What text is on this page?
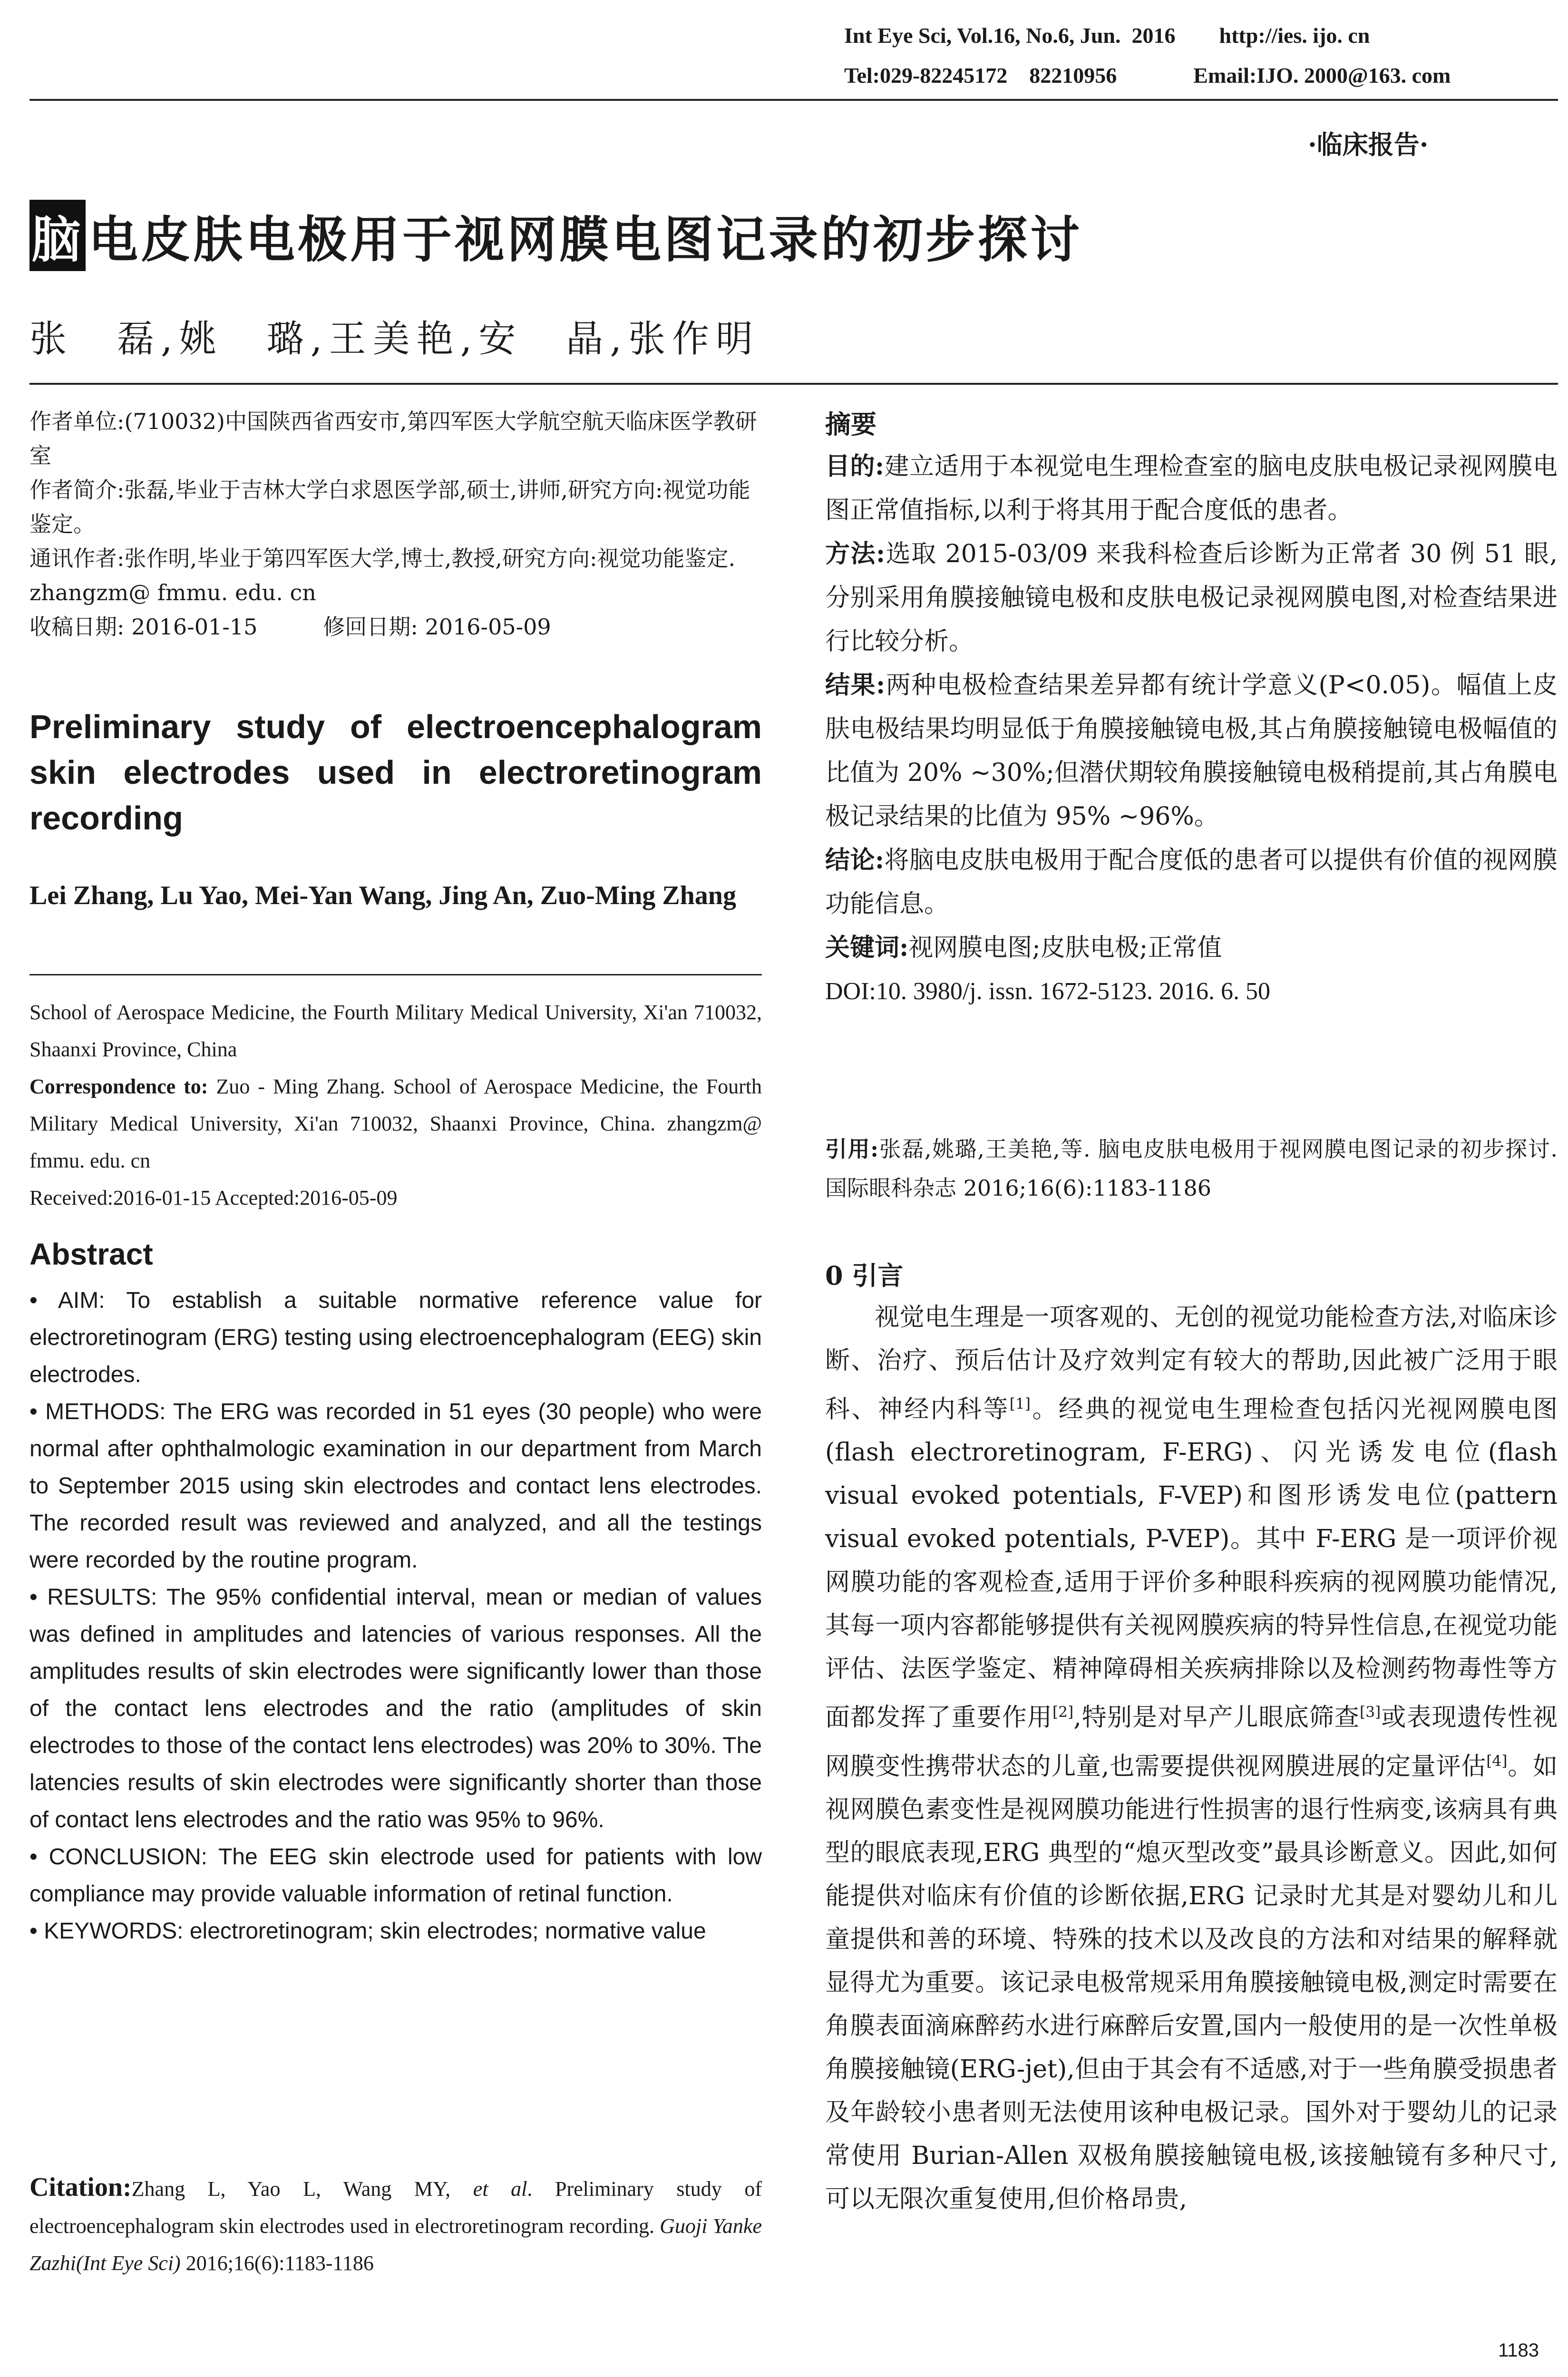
Int Eye Sci, Vol.16, No.6, Jun.  2016        http://ies. ijo. cn
Tel:029-82245172    82210956              Email:IJO. 2000@163. com
·临床报告·
脑 电皮肤电极用于视网膜电图记录的初步探讨
张　磊,姚　璐,王美艳,安　晶,张作明

作者单位:(710032)中国陕西省西安市,第四军医大学航空航天临床医学教研室

作者简介:张磊,毕业于吉林大学白求恩医学部,硕士,讲师,研究方向:视觉功能鉴定。

通讯作者:张作明,毕业于第四军医大学,博士,教授,研究方向:视觉功能鉴定. zhangzm@ fmmu. edu. cn

收稿日期: 2016-01-15　　　修回日期: 2016-05-09

Preliminary study of electroencephalogram skin electrodes used in electroretinogram recording
Lei Zhang, Lu Yao, Mei-Yan Wang, Jing An, Zuo-Ming Zhang

School of Aerospace Medicine, the Fourth Military Medical University, Xi'an 710032, Shaanxi Province, China

Correspondence to: Zuo - Ming Zhang. School of Aerospace Medicine, the Fourth Military Medical University, Xi'an 710032, Shaanxi Province, China. zhangzm@ fmmu. edu. cn

Received:2016-01-15 Accepted:2016-05-09

Abstract

• AIM: To establish a suitable normative reference value for electroretinogram (ERG) testing using electroencephalogram (EEG) skin electrodes.

• METHODS: The ERG was recorded in 51 eyes (30 people) who were normal after ophthalmologic examination in our department from March to September 2015 using skin electrodes and contact lens electrodes. The recorded result was reviewed and analyzed, and all the testings were recorded by the routine program.

• RESULTS: The 95% confidential interval, mean or median of values was defined in amplitudes and latencies of various responses. All the amplitudes results of skin electrodes were significantly lower than those of the contact lens electrodes and the ratio (amplitudes of skin electrodes to those of the contact lens electrodes) was 20% to 30%. The latencies results of skin electrodes were significantly shorter than those of contact lens electrodes and the ratio was 95% to 96%.

• CONCLUSION: The EEG skin electrode used for patients with low compliance may provide valuable information of retinal function.

• KEYWORDS: electroretinogram; skin electrodes; normative value

Citation:Zhang L, Yao L, Wang MY, et al. Preliminary study of electroencephalogram skin electrodes used in electroretinogram recording. Guoji Yanke Zazhi(Int Eye Sci) 2016;16(6):1183-1186
摘要

目的:建立适用于本视觉电生理检查室的脑电皮肤电极记录视网膜电图正常值指标,以利于将其用于配合度低的患者。

方法:选取 2015-03/09 来我科检查后诊断为正常者 30 例 51 眼,分别采用角膜接触镜电极和皮肤电极记录视网膜电图,对检查结果进行比较分析。

结果:两种电极检查结果差异都有统计学意义(P<0.05)。幅值上皮肤电极结果均明显低于角膜接触镜电极,其占角膜接触镜电极幅值的比值为 20% ~30%;但潜伏期较角膜接触镜电极稍提前,其占角膜电极记录结果的比值为 95% ~96%。

结论:将脑电皮肤电极用于配合度低的患者可以提供有价值的视网膜功能信息。

关键词:视网膜电图;皮肤电极;正常值

DOI:10. 3980/j. issn. 1672-5123. 2016. 6. 50

引用:张磊,姚璐,王美艳,等. 脑电皮肤电极用于视网膜电图记录的初步探讨. 国际眼科杂志 2016;16(6):1183-1186
0 引言

视觉电生理是一项客观的、无创的视觉功能检查方法,对临床诊断、治疗、预后估计及疗效判定有较大的帮助,因此被广泛用于眼科、神经内科等[1]。经典的视觉电生理检查包括闪光视网膜电图(flash electroretinogram, F-ERG)、闪光诱发电位(flash visual evoked potentials, F-VEP)和图形诱发电位(pattern visual evoked potentials, P-VEP)。其中 F-ERG 是一项评价视网膜功能的客观检查,适用于评价多种眼科疾病的视网膜功能情况,其每一项内容都能够提供有关视网膜疾病的特异性信息,在视觉功能评估、法医学鉴定、精神障碍相关疾病排除以及检测药物毒性等方面都发挥了重要作用[2],特别是对早产儿眼底筛查[3]或表现遗传性视网膜变性携带状态的儿童,也需要提供视网膜进展的定量评估[4]。如视网膜色素变性是视网膜功能进行性损害的退行性病变,该病具有典型的眼底表现,ERG 典型的“熄灭型改变”最具诊断意义。因此,如何能提供对临床有价值的诊断依据,ERG 记录时尤其是对婴幼儿和儿童提供和善的环境、特殊的技术以及改良的方法和对结果的解释就显得尤为重要。该记录电极常规采用角膜接触镜电极,测定时需要在角膜表面滴麻醉药水进行麻醉后安置,国内一般使用的是一次性单极角膜接触镜(ERG-jet),但由于其会有不适感,对于一些角膜受损患者及年龄较小患者则无法使用该种电极记录。国外对于婴幼儿的记录常使用 Burian-Allen 双极角膜接触镜电极,该接触镜有多种尺寸,可以无限次重复使用,但价格昂贵,

1183
